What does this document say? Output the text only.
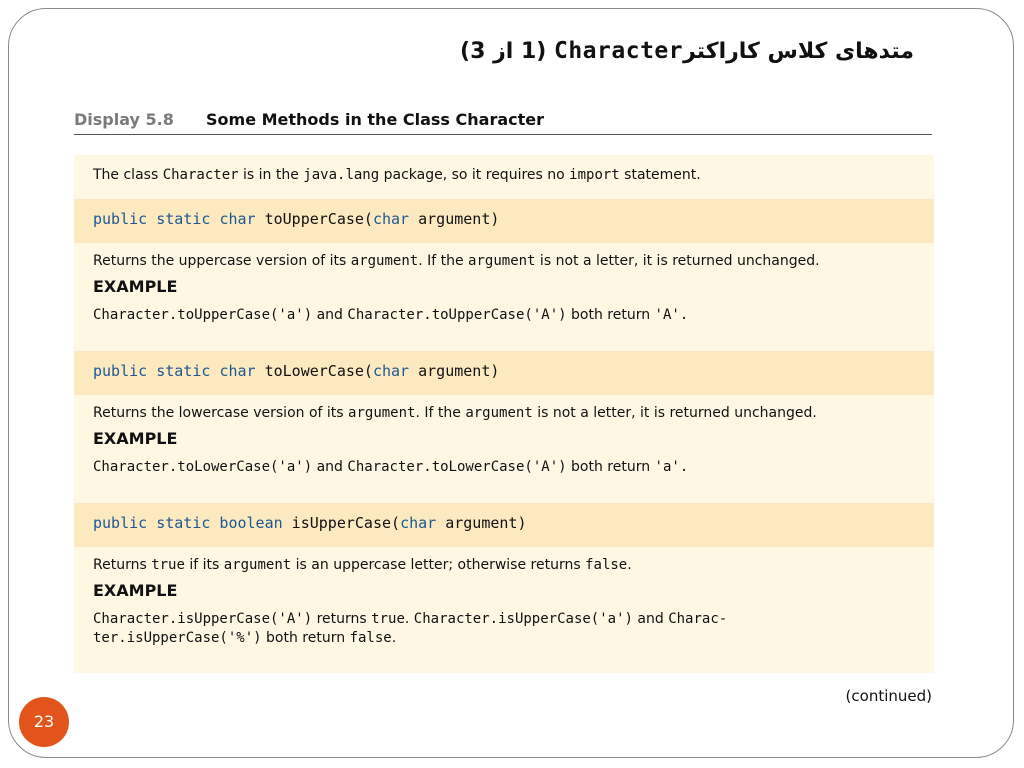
متدهای کلاس کاراکترCharacter (1 از 3)
Display 5.8 Some Methods in the Class Character
The class Character is in the java.lang package, so it requires no import statement.
public static char toUpperCase(char argument)
Returns the uppercase version of its argument. If the argument is not a letter, it is returned unchanged.
EXAMPLE
Character.toUpperCase('a') and Character.toUpperCase('A') both return 'A'.
public static char toLowerCase(char argument)
Returns the lowercase version of its argument. If the argument is not a letter, it is returned unchanged.
EXAMPLE
Character.toLowerCase('a') and Character.toLowerCase('A') both return 'a'.
public static boolean isUpperCase(char argument)
Returns true if its argument is an uppercase letter; otherwise returns false.
EXAMPLE
Character.isUpperCase('A') returns true. Character.isUpperCase('a') and Charac-
ter.isUpperCase('%') both return false.
(continued)
23
